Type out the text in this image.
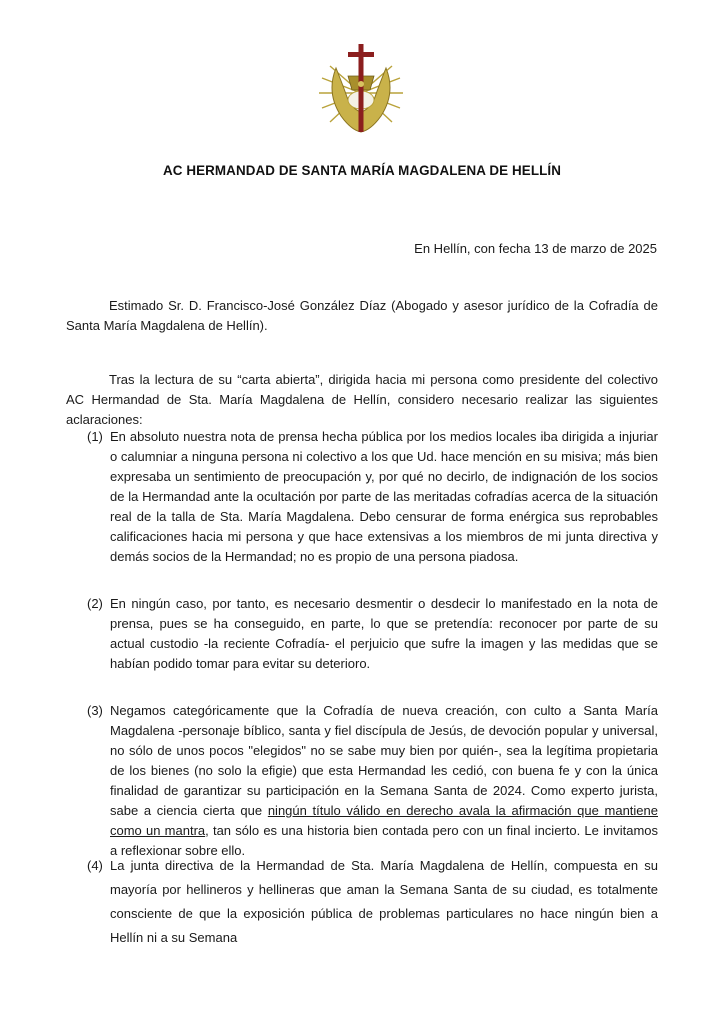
AC HERMANDAD DE SANTA MARÍA MAGDALENA DE HELLÍN
En Hellín, con fecha 13 de marzo de 2025

Estimado Sr. D. Francisco-José González Díaz (Abogado y asesor jurídico de la Cofradía de Santa María Magdalena de Hellín).

Tras la lectura de su “carta abierta”, dirigida hacia mi persona como presidente del colectivo AC Hermandad de Sta. María Magdalena de Hellín, considero necesario realizar las siguientes aclaraciones:

(1) En absoluto nuestra nota de prensa hecha pública por los medios locales iba dirigida a injuriar o calumniar a ninguna persona ni colectivo a los que Ud. hace mención en su misiva; más bien expresaba un sentimiento de preocupación y, por qué no decirlo, de indignación de los socios de la Hermandad ante la ocultación por parte de las meritadas cofradías acerca de la situación real de la talla de Sta. María Magdalena. Debo censurar de forma enérgica sus reprobables calificaciones hacia mi persona y que hace extensivas a los miembros de mi junta directiva y demás socios de la Hermandad; no es propio de una persona piadosa.
(2) En ningún caso, por tanto, es necesario desmentir o desdecir lo manifestado en la nota de prensa, pues se ha conseguido, en parte, lo que se pretendía: reconocer por parte de su actual custodio -la reciente Cofradía- el perjuicio que sufre la imagen y las medidas que se habían podido tomar para evitar su deterioro.
(3) Negamos categóricamente que la Cofradía de nueva creación, con culto a Santa María Magdalena -personaje bíblico, santa y fiel discípula de Jesús, de devoción popular y universal, no sólo de unos pocos "elegidos" no se sabe muy bien por quién-, sea la legítima propietaria de los bienes (no solo la efigie) que esta Hermandad les cedió, con buena fe y con la única finalidad de garantizar su participación en la Semana Santa de 2024. Como experto jurista, sabe a ciencia cierta que ningún título válido en derecho avala la afirmación que mantiene como un mantra, tan sólo es una historia bien contada pero con un final incierto. Le invitamos a reflexionar sobre ello.
(4) La junta directiva de la Hermandad de Sta. María Magdalena de Hellín, compuesta en su mayoría por hellineros y hellineras que aman la Semana Santa de su ciudad, es totalmente consciente de que la exposición pública de problemas particulares no hace ningún bien a Hellín ni a su Semana
